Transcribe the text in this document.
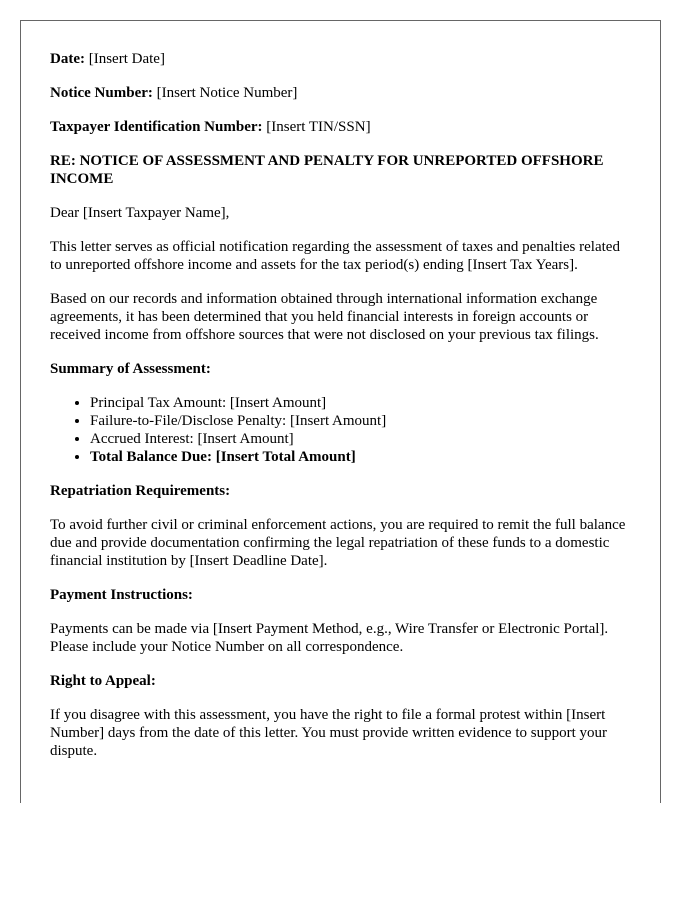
Date: [Insert Date]

Notice Number: [Insert Notice Number]

Taxpayer Identification Number: [Insert TIN/SSN]

RE: NOTICE OF ASSESSMENT AND PENALTY FOR UNREPORTED OFFSHORE INCOME

Dear [Insert Taxpayer Name],

This letter serves as official notification regarding the assessment of taxes and penalties related to unreported offshore income and assets for the tax period(s) ending [Insert Tax Years].

Based on our records and information obtained through international information exchange agreements, it has been determined that you held financial interests in foreign accounts or received income from offshore sources that were not disclosed on your previous tax filings.

Summary of Assessment:
• Principal Tax Amount: [Insert Amount]
• Failure-to-File/Disclose Penalty: [Insert Amount]
• Accrued Interest: [Insert Amount]
• Total Balance Due: [Insert Total Amount]
Repatriation Requirements:

To avoid further civil or criminal enforcement actions, you are required to remit the full balance due and provide documentation confirming the legal repatriation of these funds to a domestic financial institution by [Insert Deadline Date].

Payment Instructions:

Payments can be made via [Insert Payment Method, e.g., Wire Transfer or Electronic Portal]. Please include your Notice Number on all correspondence.

Right to Appeal:

If you disagree with this assessment, you have the right to file a formal protest within [Insert Number] days from the date of this letter. You must provide written evidence to support your dispute.
